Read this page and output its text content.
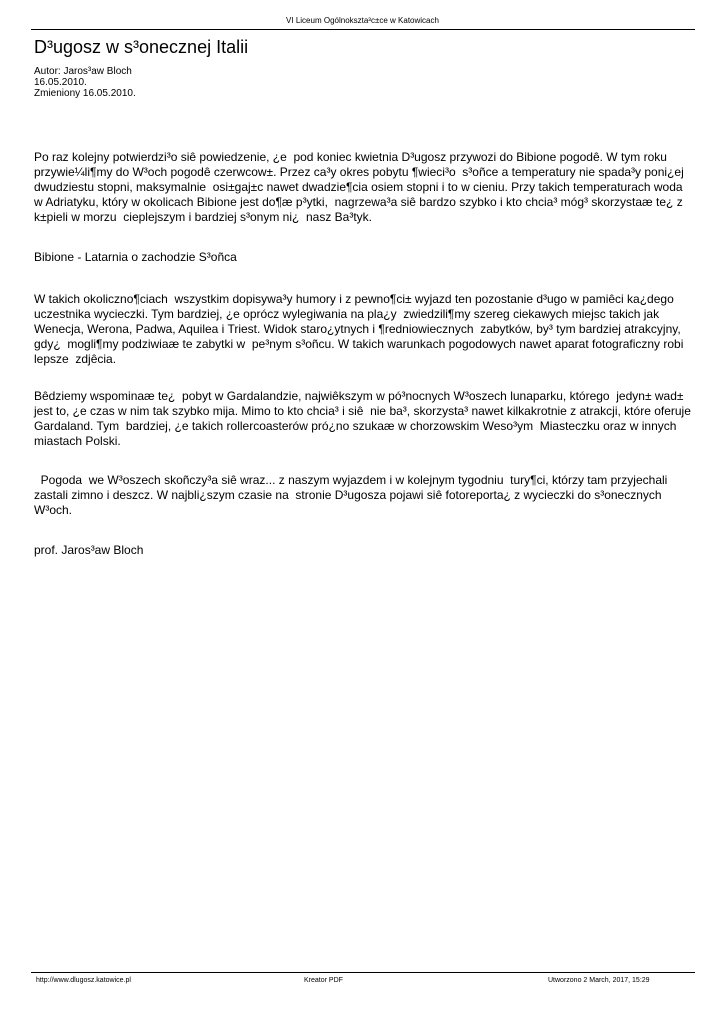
VI Liceum Ogólnokszta³c±ce w Katowicach
D³ugosz w s³onecznej Italii
Autor: Jaros³aw Bloch
16.05.2010.
Zmieniony 16.05.2010.

Po raz kolejny potwierdzi³o siê powiedzenie, ¿e  pod koniec kwietnia D³ugosz przywozi do Bibione pogodê. W tym roku  przywie¼li¶my do W³och pogodê czerwcow±. Przez ca³y okres pobytu ¶wieci³o  s³oñce a temperatury nie spada³y poni¿ej dwudziestu stopni, maksymalnie  osi±gaj±c nawet dwadzie¶cia osiem stopni i to w cieniu. Przy takich temperaturach woda w Adriatyku, który w okolicach Bibione jest do¶æ p³ytki,  nagrzewa³a siê bardzo szybko i kto chcia³ móg³ skorzystaæ te¿ z k±pieli w morzu  cieplejszym i bardziej s³onym ni¿  nasz Ba³tyk.

Bibione - Latarnia o zachodzie S³oñca

W takich okoliczno¶ciach  wszystkim dopisywa³y humory i z pewno¶ci± wyjazd ten pozostanie d³ugo w pamiêci ka¿dego uczestnika wycieczki. Tym bardziej, ¿e oprócz wylegiwania na pla¿y  zwiedzili¶my szereg ciekawych miejsc takich jak Wenecja, Werona, Padwa, Aquilea i Triest. Widok staro¿ytnych i ¶redniowiecznych  zabytków, by³ tym bardziej atrakcyjny, gdy¿  mogli¶my podziwiaæ te zabytki w  pe³nym s³oñcu. W takich warunkach pogodowych nawet aparat fotograficzny robi lepsze  zdjêcia.

Bêdziemy wspominaæ te¿  pobyt w Gardalandzie, najwiêkszym w pó³nocnych W³oszech lunaparku, którego  jedyn± wad± jest to, ¿e czas w nim tak szybko mija. Mimo to kto chcia³ i siê  nie ba³, skorzysta³ nawet kilkakrotnie z atrakcji, które oferuje Gardaland. Tym  bardziej, ¿e takich rollercoasterów pró¿no szukaæ w chorzowskim Weso³ym  Miasteczku oraz w innych miastach Polski.

Pogoda  we W³oszech skoñczy³a siê wraz... z naszym wyjazdem i w kolejnym tygodniu  tury¶ci, którzy tam przyjechali zastali zimno i deszcz. W najbli¿szym czasie na  stronie D³ugosza pojawi siê fotoreporta¿ z wycieczki do s³onecznych W³och.

prof. Jaros³aw Bloch

http://www.dlugosz.katowice.pl	Kreator PDF	Utworzono 2 March, 2017, 15:29
